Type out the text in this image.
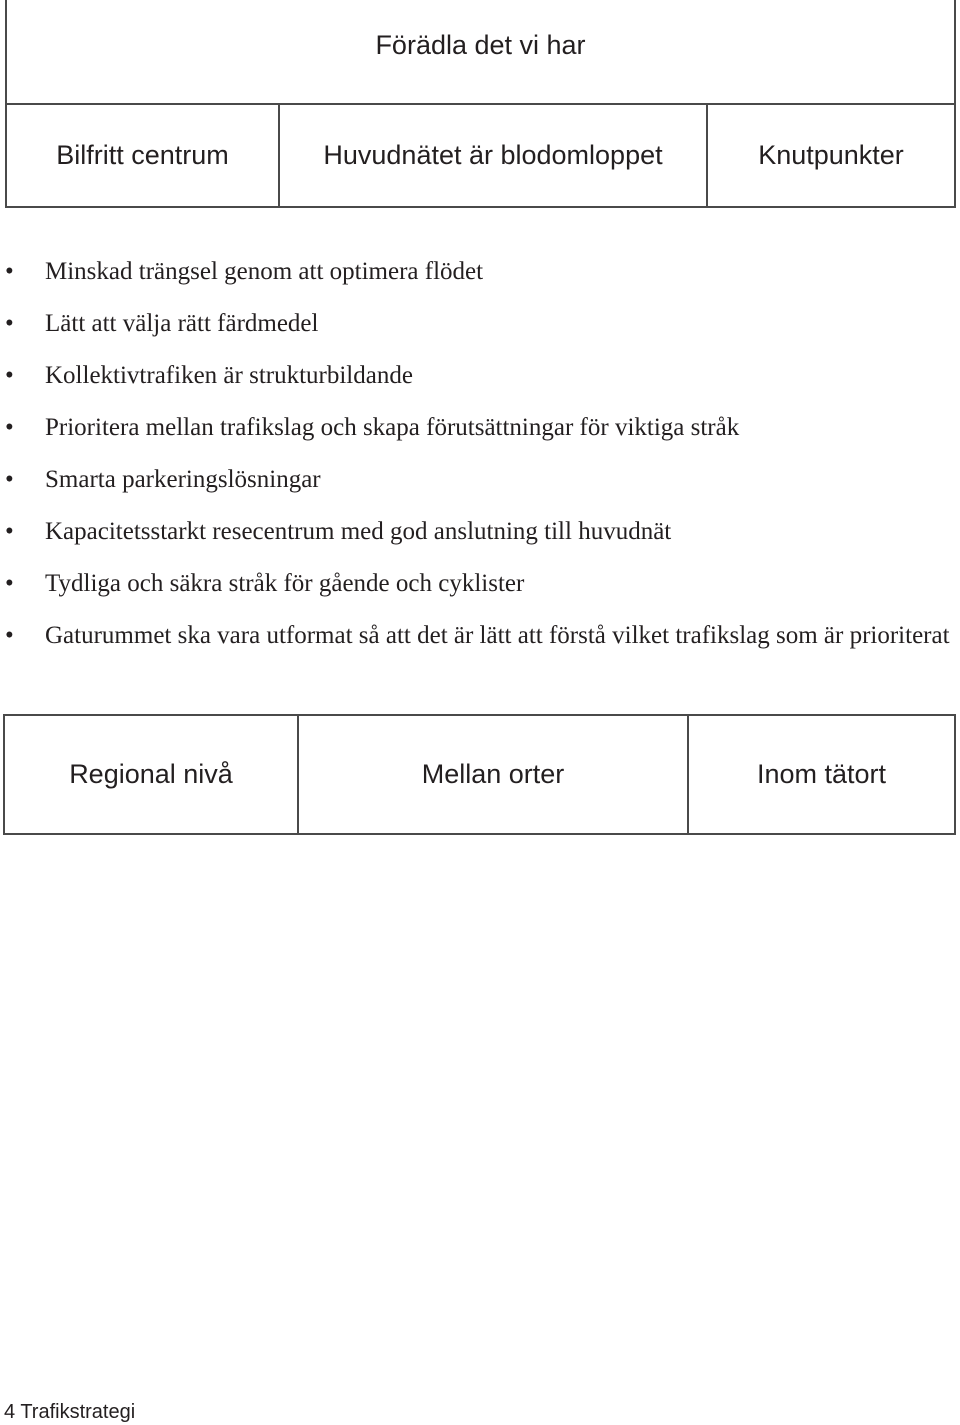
Förädla det vi har
Bilfritt centrum	Huvudnätet är blodomloppet	Knutpunkter
• Minskad trängsel genom att optimera flödet
• Lätt att välja rätt färdmedel
• Kollektivtrafiken är strukturbildande
• Prioritera mellan trafikslag och skapa förutsättningar för viktiga stråk
• Smarta parkeringslösningar
• Kapacitetsstarkt resecentrum med god anslutning till huvudnät
• Tydliga och säkra stråk för gående och cyklister
• Gaturummet ska vara utformat så att det är lätt att förstå vilket trafikslag som är prioriterat
Regional nivå	Mellan orter	Inom tätort
4 Trafikstrategi
